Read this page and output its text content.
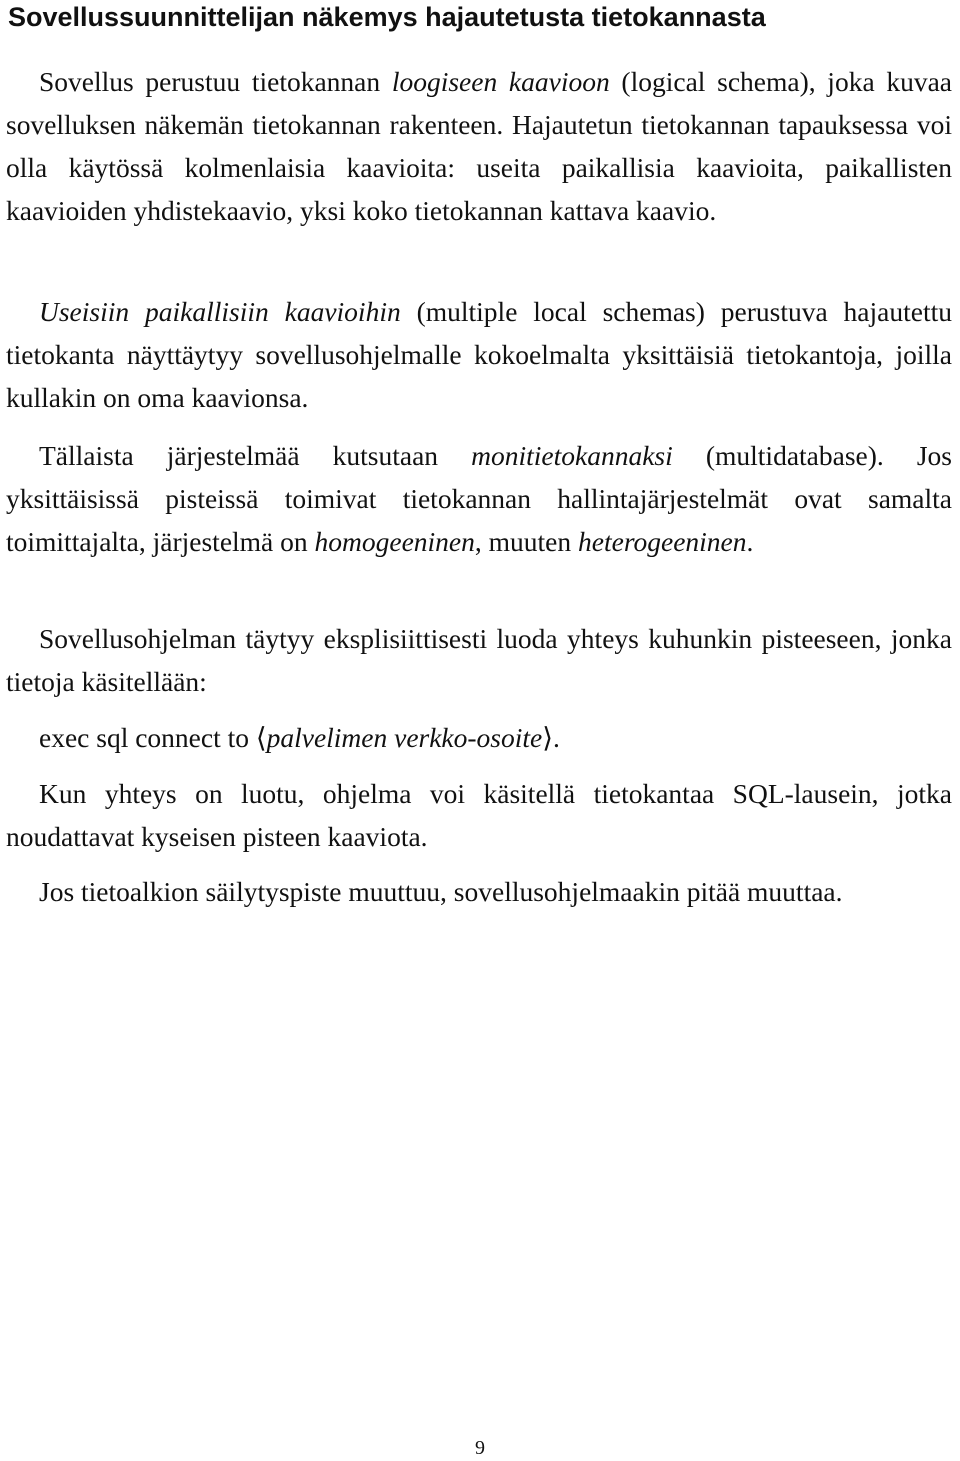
Sovellussuunnittelijan näkemys hajautetusta tietokannasta

Sovellus perustuu tietokannan loogiseen kaavioon (logical schema), joka kuvaa sovelluksen näkemän tietokannan rakenteen. Hajautetun tietokannan tapauksessa voi olla käytössä kolmenlaisia kaavioita: useita paikallisia kaavioita, paikallisten kaavioiden yhdistekaavio, yksi koko tietokannan kattava kaavio.

Useisiin paikallisiin kaavioihin (multiple local schemas) perustuva hajautettu tietokanta näyttäytyy sovellusohjelmalle kokoelmalta yksittäisiä tietokantoja, joilla kullakin on oma kaavionsa.

Tällaista järjestelmää kutsutaan monitietokannaksi (multidatabase). Jos yksittäisissä pisteissä toimivat tietokannan hallintajärjestelmät ovat samalta toimittajalta, järjestelmä on homogeeninen, muuten heterogeeninen.

Sovellusohjelman täytyy eksplisiittisesti luoda yhteys kuhunkin pisteeseen, jonka tietoja käsitellään:

exec sql connect to ⟨palvelimen verkko-osoite⟩.

Kun yhteys on luotu, ohjelma voi käsitellä tietokantaa SQL-lausein, jotka noudattavat kyseisen pisteen kaaviota.

Jos tietoalkion säilytyspiste muuttuu, sovellusohjelmaakin pitää muuttaa.

9
